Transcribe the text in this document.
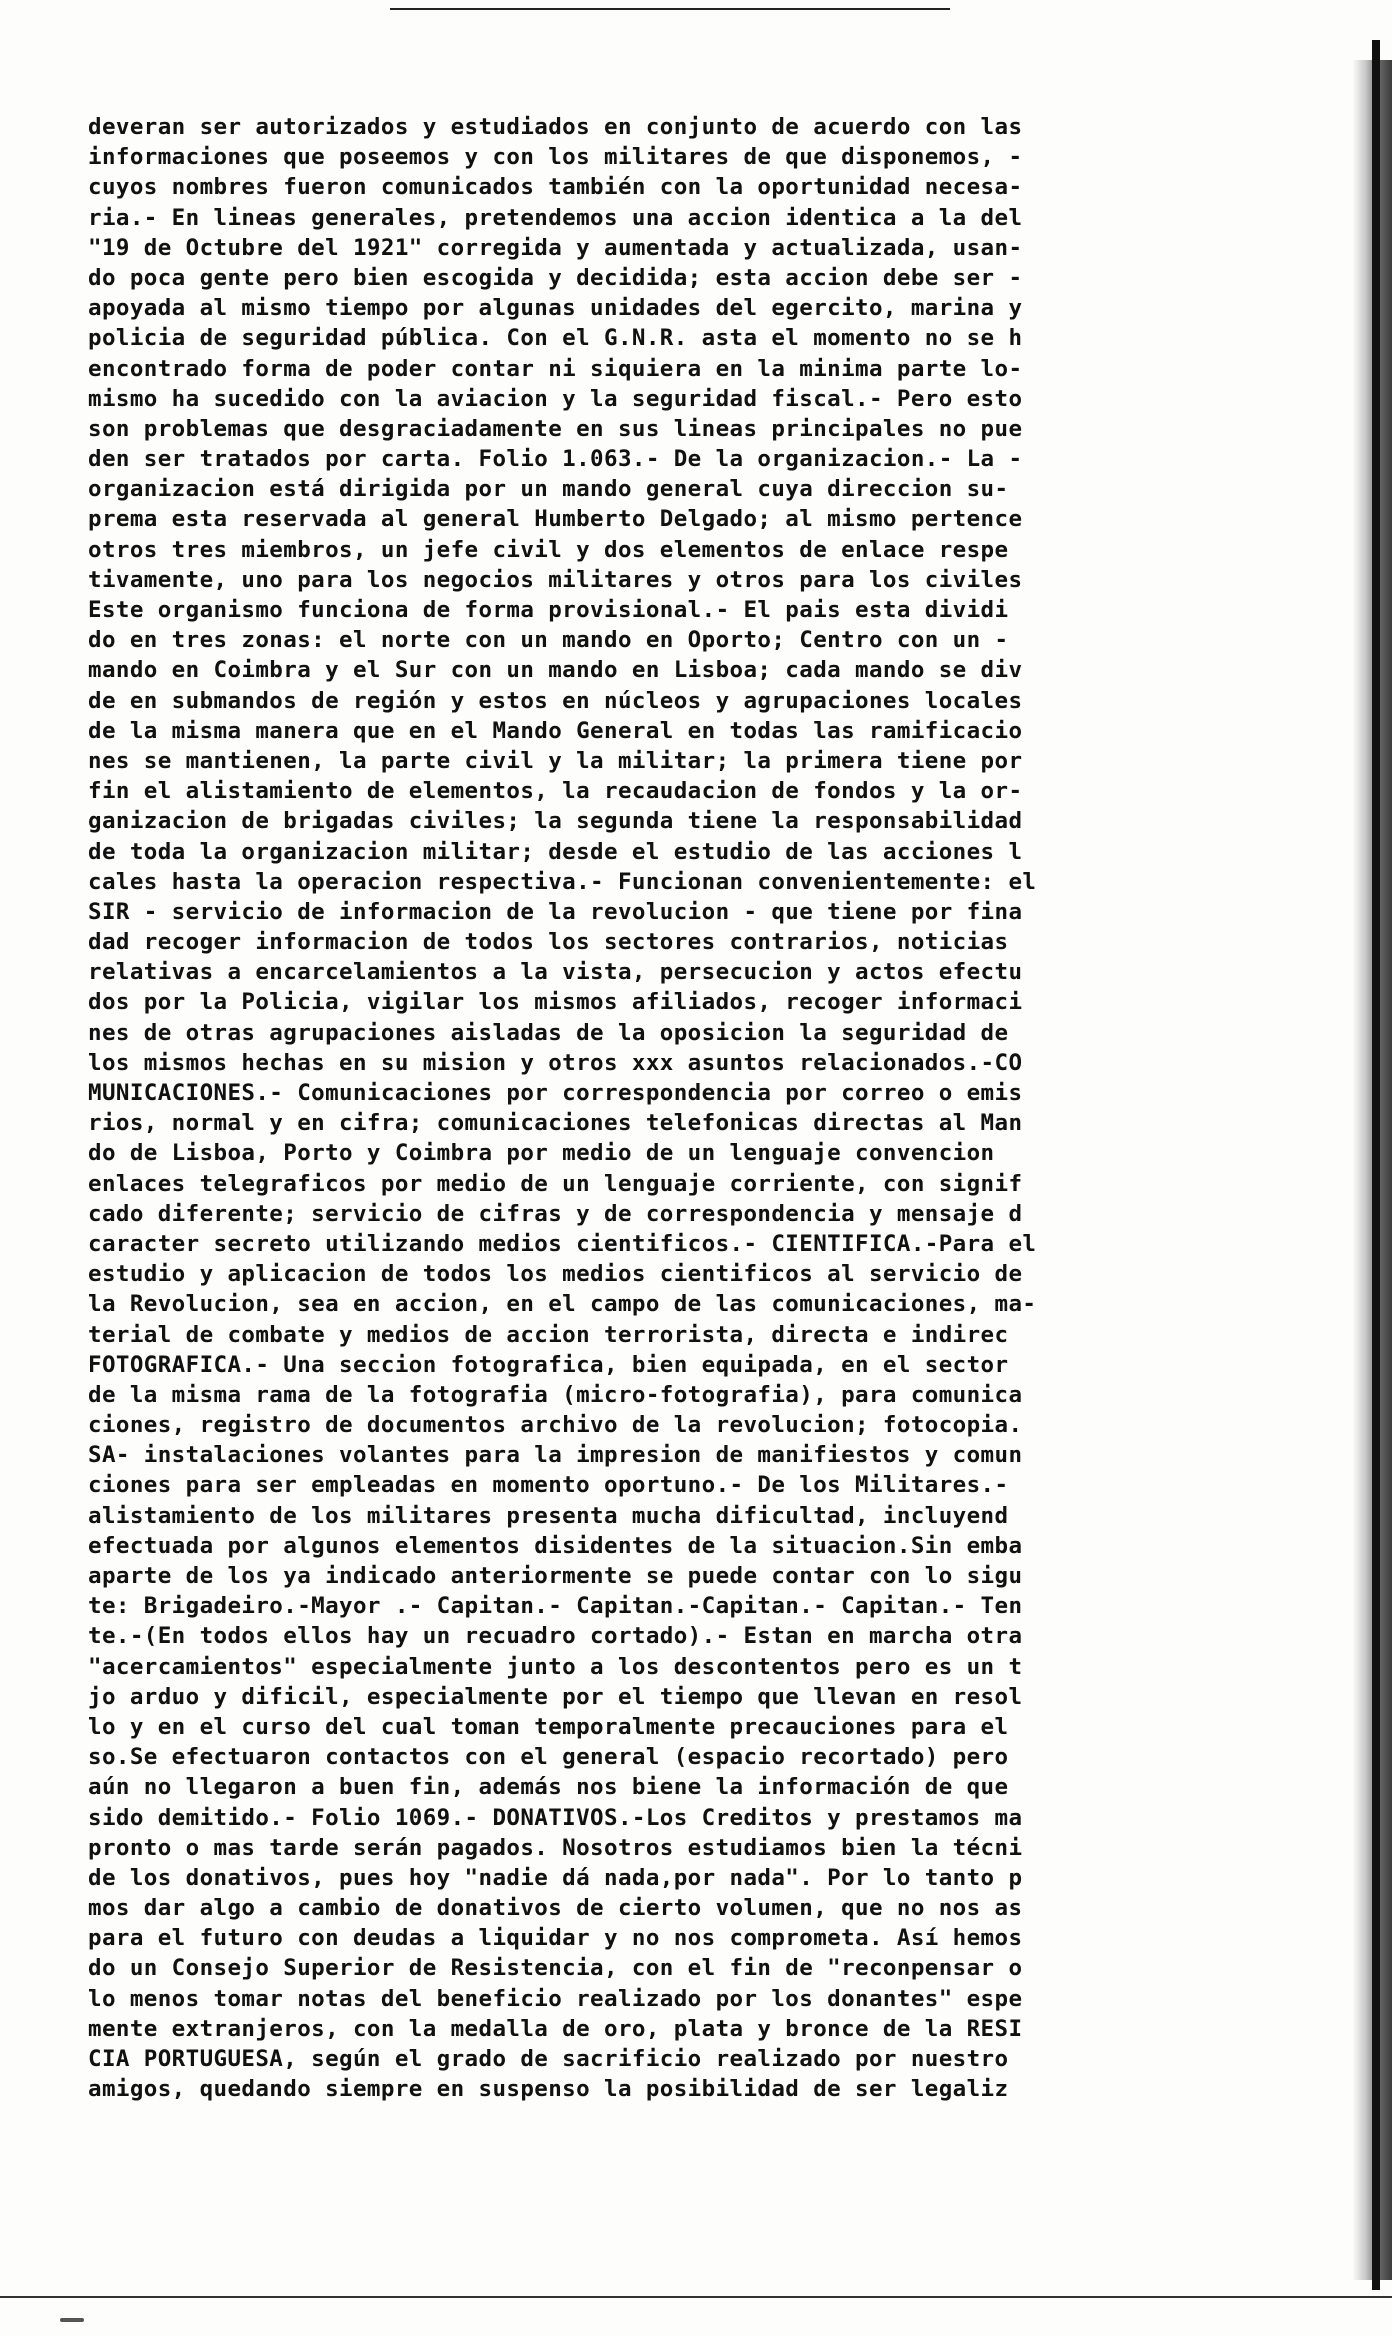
deveran ser autorizados y estudiados en conjunto de acuerdo con las
informaciones que poseemos y con los militares de que disponemos, -
cuyos nombres fueron comunicados también con la oportunidad necesa-
ria.- En lineas generales, pretendemos una accion identica a la del
"19 de Octubre del 1921" corregida y aumentada y actualizada, usan-
do poca gente pero bien escogida y decidida; esta accion debe ser -
apoyada al mismo tiempo por algunas unidades del egercito, marina y
policia de seguridad pública. Con el G.N.R. asta el momento no se h
encontrado forma de poder contar ni siquiera en la minima parte lo-
mismo ha sucedido con la aviacion y la seguridad fiscal.- Pero esto
son problemas que desgraciadamente en sus lineas principales no pue
den ser tratados por carta. Folio 1.063.- De la organizacion.- La -
organizacion está dirigida por un mando general cuya direccion su-
prema esta reservada al general Humberto Delgado; al mismo pertence
otros tres miembros, un jefe civil y dos elementos de enlace respe
tivamente, uno para los negocios militares y otros para los civiles
Este organismo funciona de forma provisional.- El pais esta dividi
do en tres zonas: el norte con un mando en Oporto; Centro con un -
mando en Coimbra y el Sur con un mando en Lisboa; cada mando se div
de en submandos de región y estos en núcleos y agrupaciones locales
de la misma manera que en el Mando General en todas las ramificacio
nes se mantienen, la parte civil y la militar; la primera tiene por
fin el alistamiento de elementos, la recaudacion de fondos y la or-
ganizacion de brigadas civiles; la segunda tiene la responsabilidad
de toda la organizacion militar; desde el estudio de las acciones l
cales hasta la operacion respectiva.- Funcionan convenientemente: el
SIR - servicio de informacion de la revolucion - que tiene por fina
dad recoger informacion de todos los sectores contrarios, noticias
relativas a encarcelamientos a la vista, persecucion y actos efectu
dos por la Policia, vigilar los mismos afiliados, recoger informaci
nes de otras agrupaciones aisladas de la oposicion la seguridad de
los mismos hechas en su mision y otros xxx asuntos relacionados.-CO
MUNICACIONES.- Comunicaciones por correspondencia por correo o emis
rios, normal y en cifra; comunicaciones telefonicas directas al Man
do de Lisboa, Porto y Coimbra por medio de un lenguaje convencion
enlaces telegraficos por medio de un lenguaje corriente, con signif
cado diferente; servicio de cifras y de correspondencia y mensaje d
caracter secreto utilizando medios cientificos.- CIENTIFICA.-Para el
estudio y aplicacion de todos los medios cientificos al servicio de
la Revolucion, sea en accion, en el campo de las comunicaciones, ma-
terial de combate y medios de accion terrorista, directa e indirec
FOTOGRAFICA.- Una seccion fotografica, bien equipada, en el sector
de la misma rama de la fotografia (micro-fotografia), para comunica
ciones, registro de documentos archivo de la revolucion; fotocopia.
SA- instalaciones volantes para la impresion de manifiestos y comun
ciones para ser empleadas en momento oportuno.- De los Militares.-
alistamiento de los militares presenta mucha dificultad, incluyend
efectuada por algunos elementos disidentes de la situacion.Sin emba
aparte de los ya indicado anteriormente se puede contar con lo sigu
te: Brigadeiro.-Mayor .- Capitan.- Capitan.-Capitan.- Capitan.- Ten
te.-(En todos ellos hay un recuadro cortado).- Estan en marcha otra
"acercamientos" especialmente junto a los descontentos pero es un t
jo arduo y dificil, especialmente por el tiempo que llevan en resol
lo y en el curso del cual toman temporalmente precauciones para el
so.Se efectuaron contactos con el general (espacio recortado) pero
aún no llegaron a buen fin, además nos biene la información de que
sido demitido.- Folio 1069.- DONATIVOS.-Los Creditos y prestamos ma
pronto o mas tarde serán pagados. Nosotros estudiamos bien la técni
de los donativos, pues hoy "nadie dá nada,por nada". Por lo tanto p
mos dar algo a cambio de donativos de cierto volumen, que no nos as
para el futuro con deudas a liquidar y no nos comprometa. Así hemos
do un Consejo Superior de Resistencia, con el fin de "reconpensar o
lo menos tomar notas del beneficio realizado por los donantes" espe
mente extranjeros, con la medalla de oro, plata y bronce de la RESI
CIA PORTUGUESA, según el grado de sacrificio realizado por nuestro
amigos, quedando siempre en suspenso la posibilidad de ser legaliz
